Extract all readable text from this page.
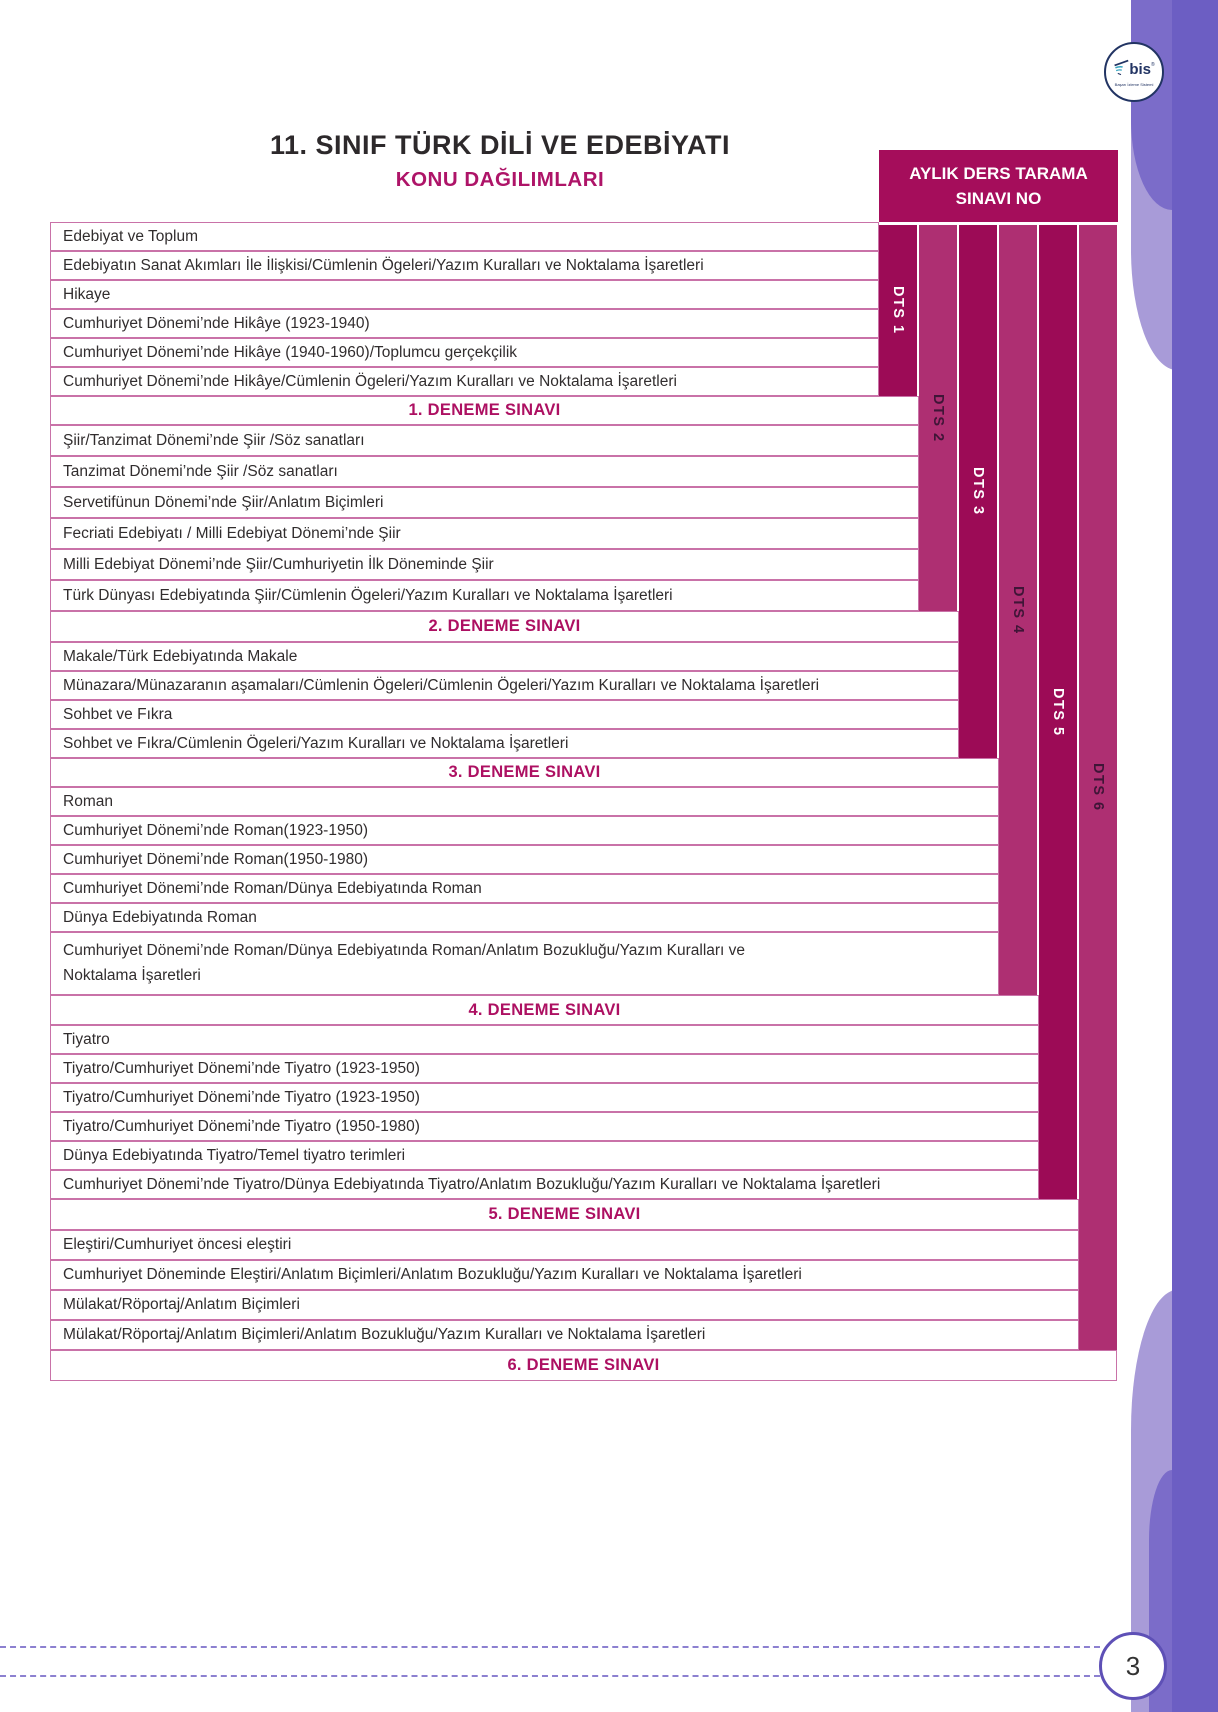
bis ®
Başarı İzleme Sistemi
11. SINIF TÜRK DİLİ VE EDEBİYATI
KONU DAĞILIMLARI	AYLIK DERS TARAMA
SINAVI NO
Edebiyat ve Toplum
Edebiyatın Sanat Akımları İle İlişkisi/Cümlenin Ögeleri/Yazım Kuralları ve Noktalama İşaretleri
Hikaye
Cumhuriyet Dönemi’nde Hikâye (1923-1940)
Cumhuriyet Dönemi’nde Hikâye (1940-1960)/Toplumcu gerçekçilik
Cumhuriyet Dönemi’nde Hikâye/Cümlenin Ögeleri/Yazım Kuralları ve Noktalama İşaretleri
1. DENEME SINAVI
Şiir/Tanzimat Dönemi’nde Şiir /Söz sanatları
Tanzimat Dönemi’nde Şiir /Söz sanatları
Servetifünun Dönemi’nde Şiir/Anlatım Biçimleri
Fecriati Edebiyatı / Milli Edebiyat Dönemi’nde Şiir
Milli Edebiyat Dönemi’nde Şiir/Cumhuriyetin İlk Döneminde Şiir
Türk Dünyası Edebiyatında Şiir/Cümlenin Ögeleri/Yazım Kuralları ve Noktalama İşaretleri
2. DENEME SINAVI
Makale/Türk Edebiyatında Makale
Münazara/Münazaranın aşamaları/Cümlenin Ögeleri/Cümlenin Ögeleri/Yazım Kuralları ve Noktalama İşaretleri
Sohbet ve Fıkra
Sohbet ve Fıkra/Cümlenin Ögeleri/Yazım Kuralları ve Noktalama İşaretleri
3. DENEME SINAVI
Roman
Cumhuriyet Dönemi’nde Roman(1923-1950)
Cumhuriyet Dönemi’nde Roman(1950-1980)
Cumhuriyet Dönemi’nde Roman/Dünya Edebiyatında Roman
Dünya Edebiyatında Roman
Cumhuriyet Dönemi’nde Roman/Dünya Edebiyatında Roman/Anlatım Bozukluğu/Yazım Kuralları ve Noktalama İşaretleri
4. DENEME SINAVI
Tiyatro
Tiyatro/Cumhuriyet Dönemi’nde Tiyatro (1923-1950)
Tiyatro/Cumhuriyet Dönemi’nde Tiyatro (1923-1950)
Tiyatro/Cumhuriyet Dönemi’nde Tiyatro (1950-1980)
Dünya Edebiyatında Tiyatro/Temel tiyatro terimleri
Cumhuriyet Dönemi’nde Tiyatro/Dünya Edebiyatında Tiyatro/Anlatım Bozukluğu/Yazım Kuralları ve Noktalama İşaretleri
5. DENEME SINAVI
Eleştiri/Cumhuriyet öncesi eleştiri
Cumhuriyet Döneminde Eleştiri/Anlatım Biçimleri/Anlatım Bozukluğu/Yazım Kuralları ve Noktalama İşaretleri
Mülakat/Röportaj/Anlatım Biçimleri
Mülakat/Röportaj/Anlatım Biçimleri/Anlatım Bozukluğu/Yazım Kuralları ve Noktalama İşaretleri
6. DENEME SINAVI
DTS 1
DTS 2
DTS 3
DTS 4
DTS 5
DTS 6
3
